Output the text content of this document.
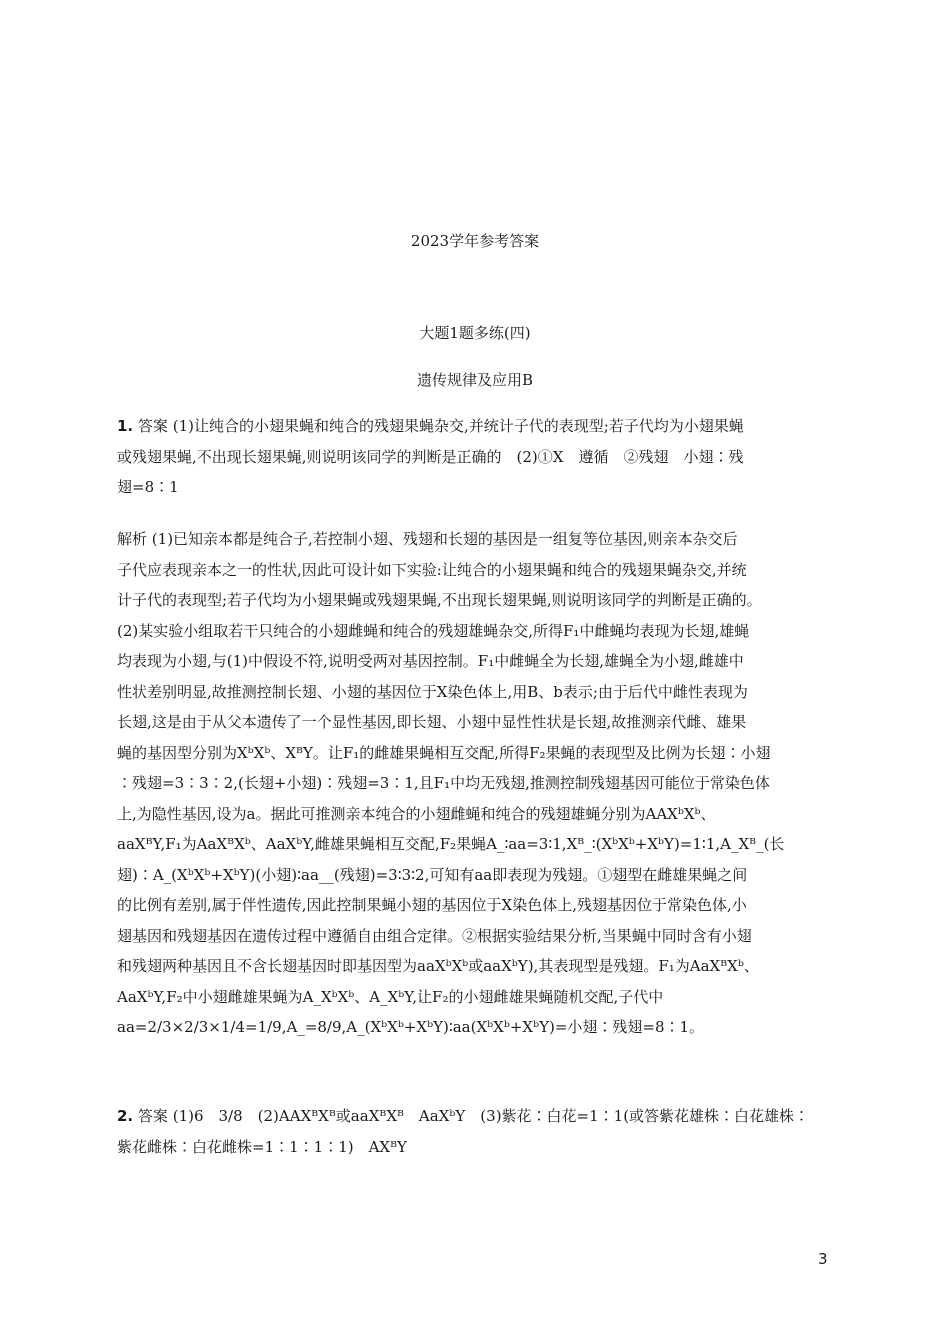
2023学年参考答案
大题1题多练(四)
遗传规律及应用B

1. 答案 (1)让纯合的小翅果蝇和纯合的残翅果蝇杂交,并统计子代的表现型;若子代均为小翅果蝇

或残翅果蝇,不出现长翅果蝇,则说明该同学的判断是正确的　(2)①X　遵循　②残翅　小翅∶残

翅=8∶1

解析 (1)已知亲本都是纯合子,若控制小翅、残翅和长翅的基因是一组复等位基因,则亲本杂交后

子代应表现亲本之一的性状,因此可设计如下实验:让纯合的小翅果蝇和纯合的残翅果蝇杂交,并统

计子代的表现型;若子代均为小翅果蝇或残翅果蝇,不出现长翅果蝇,则说明该同学的判断是正确的。

(2)某实验小组取若干只纯合的小翅雌蝇和纯合的残翅雄蝇杂交,所得F₁中雌蝇均表现为长翅,雄蝇

均表现为小翅,与(1)中假设不符,说明受两对基因控制。F₁中雌蝇全为长翅,雄蝇全为小翅,雌雄中

性状差别明显,故推测控制长翅、小翅的基因位于X染色体上,用B、b表示;由于后代中雌性表现为

长翅,这是由于从父本遗传了一个显性基因,即长翅、小翅中显性性状是长翅,故推测亲代雌、雄果

蝇的基因型分别为XᵇXᵇ、XᴮY。让F₁的雌雄果蝇相互交配,所得F₂果蝇的表现型及比例为长翅∶小翅

∶残翅=3∶3∶2,(长翅+小翅)∶残翅=3∶1,且F₁中均无残翅,推测控制残翅基因可能位于常染色体

上,为隐性基因,设为a。据此可推测亲本纯合的小翅雌蝇和纯合的残翅雄蝇分别为AAXᵇXᵇ、

aaXᴮY,F₁为AaXᴮXᵇ、AaXᵇY,雌雄果蝇相互交配,F₂果蝇A_∶aa=3∶1,Xᴮ_∶(XᵇXᵇ+XᵇY)=1∶1,A_Xᴮ_(长

翅)∶A_(XᵇXᵇ+XᵇY)(小翅)∶aa__(残翅)=3∶3∶2,可知有aa即表现为残翅。①翅型在雌雄果蝇之间

的比例有差别,属于伴性遗传,因此控制果蝇小翅的基因位于X染色体上,残翅基因位于常染色体,小

翅基因和残翅基因在遗传过程中遵循自由组合定律。②根据实验结果分析,当果蝇中同时含有小翅

和残翅两种基因且不含长翅基因时即基因型为aaXᵇXᵇ或aaXᵇY),其表现型是残翅。F₁为AaXᴮXᵇ、

AaXᵇY,F₂中小翅雌雄果蝇为A_XᵇXᵇ、A_XᵇY,让F₂的小翅雌雄果蝇随机交配,子代中

aa=2/3×2/3×1/4=1/9,A_=8/9,A_(XᵇXᵇ+XᵇY)∶aa(XᵇXᵇ+XᵇY)=小翅∶残翅=8∶1。

2. 答案 (1)6　3/8　(2)AAXᴮXᴮ或aaXᴮXᴮ　AaXᵇY　(3)紫花∶白花=1∶1(或答紫花雄株∶白花雄株∶

紫花雌株∶白花雌株=1∶1∶1∶1)　AXᴮY

3
